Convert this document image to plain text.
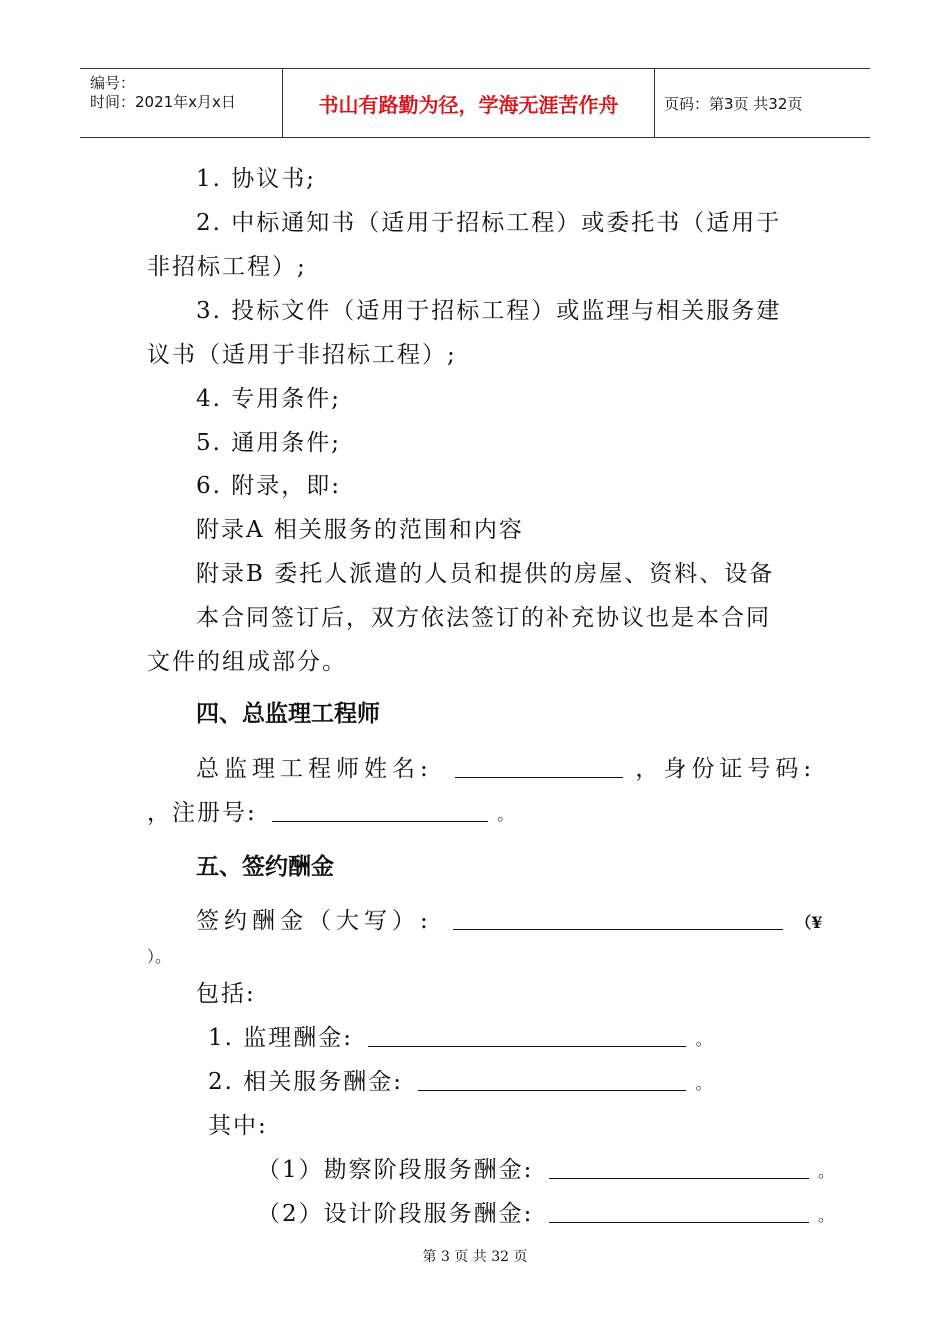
编号：
时间：2021年x月x日	书山有路勤为径，学海无涯苦作舟	页码：第3页 共32页
1. 协议书;
2. 中标通知书（适用于招标工程）或委托书（适用于
非招标工程）;
3. 投标文件（适用于招标工程）或监理与相关服务建
议书（适用于非招标工程）;
4. 专用条件;
5. 通用条件;
6. 附录，即:
附录A 相关服务的范围和内容
附录B 委托人派遣的人员和提供的房屋、资料、设备
本合同签订后，双方依法签订的补充协议也是本合同
文件的组成部分。
四、总监理工程师
总监理工程师姓名:	，身份证号码:
，注册号:	。
五、签约酬金
签约酬金（大写）:	（¥
）。
包括:
1. 监理酬金:	。
2. 相关服务酬金:	。
其中:
（1）勘察阶段服务酬金:	。
（2）设计阶段服务酬金:	。
第 3 页 共 32 页
